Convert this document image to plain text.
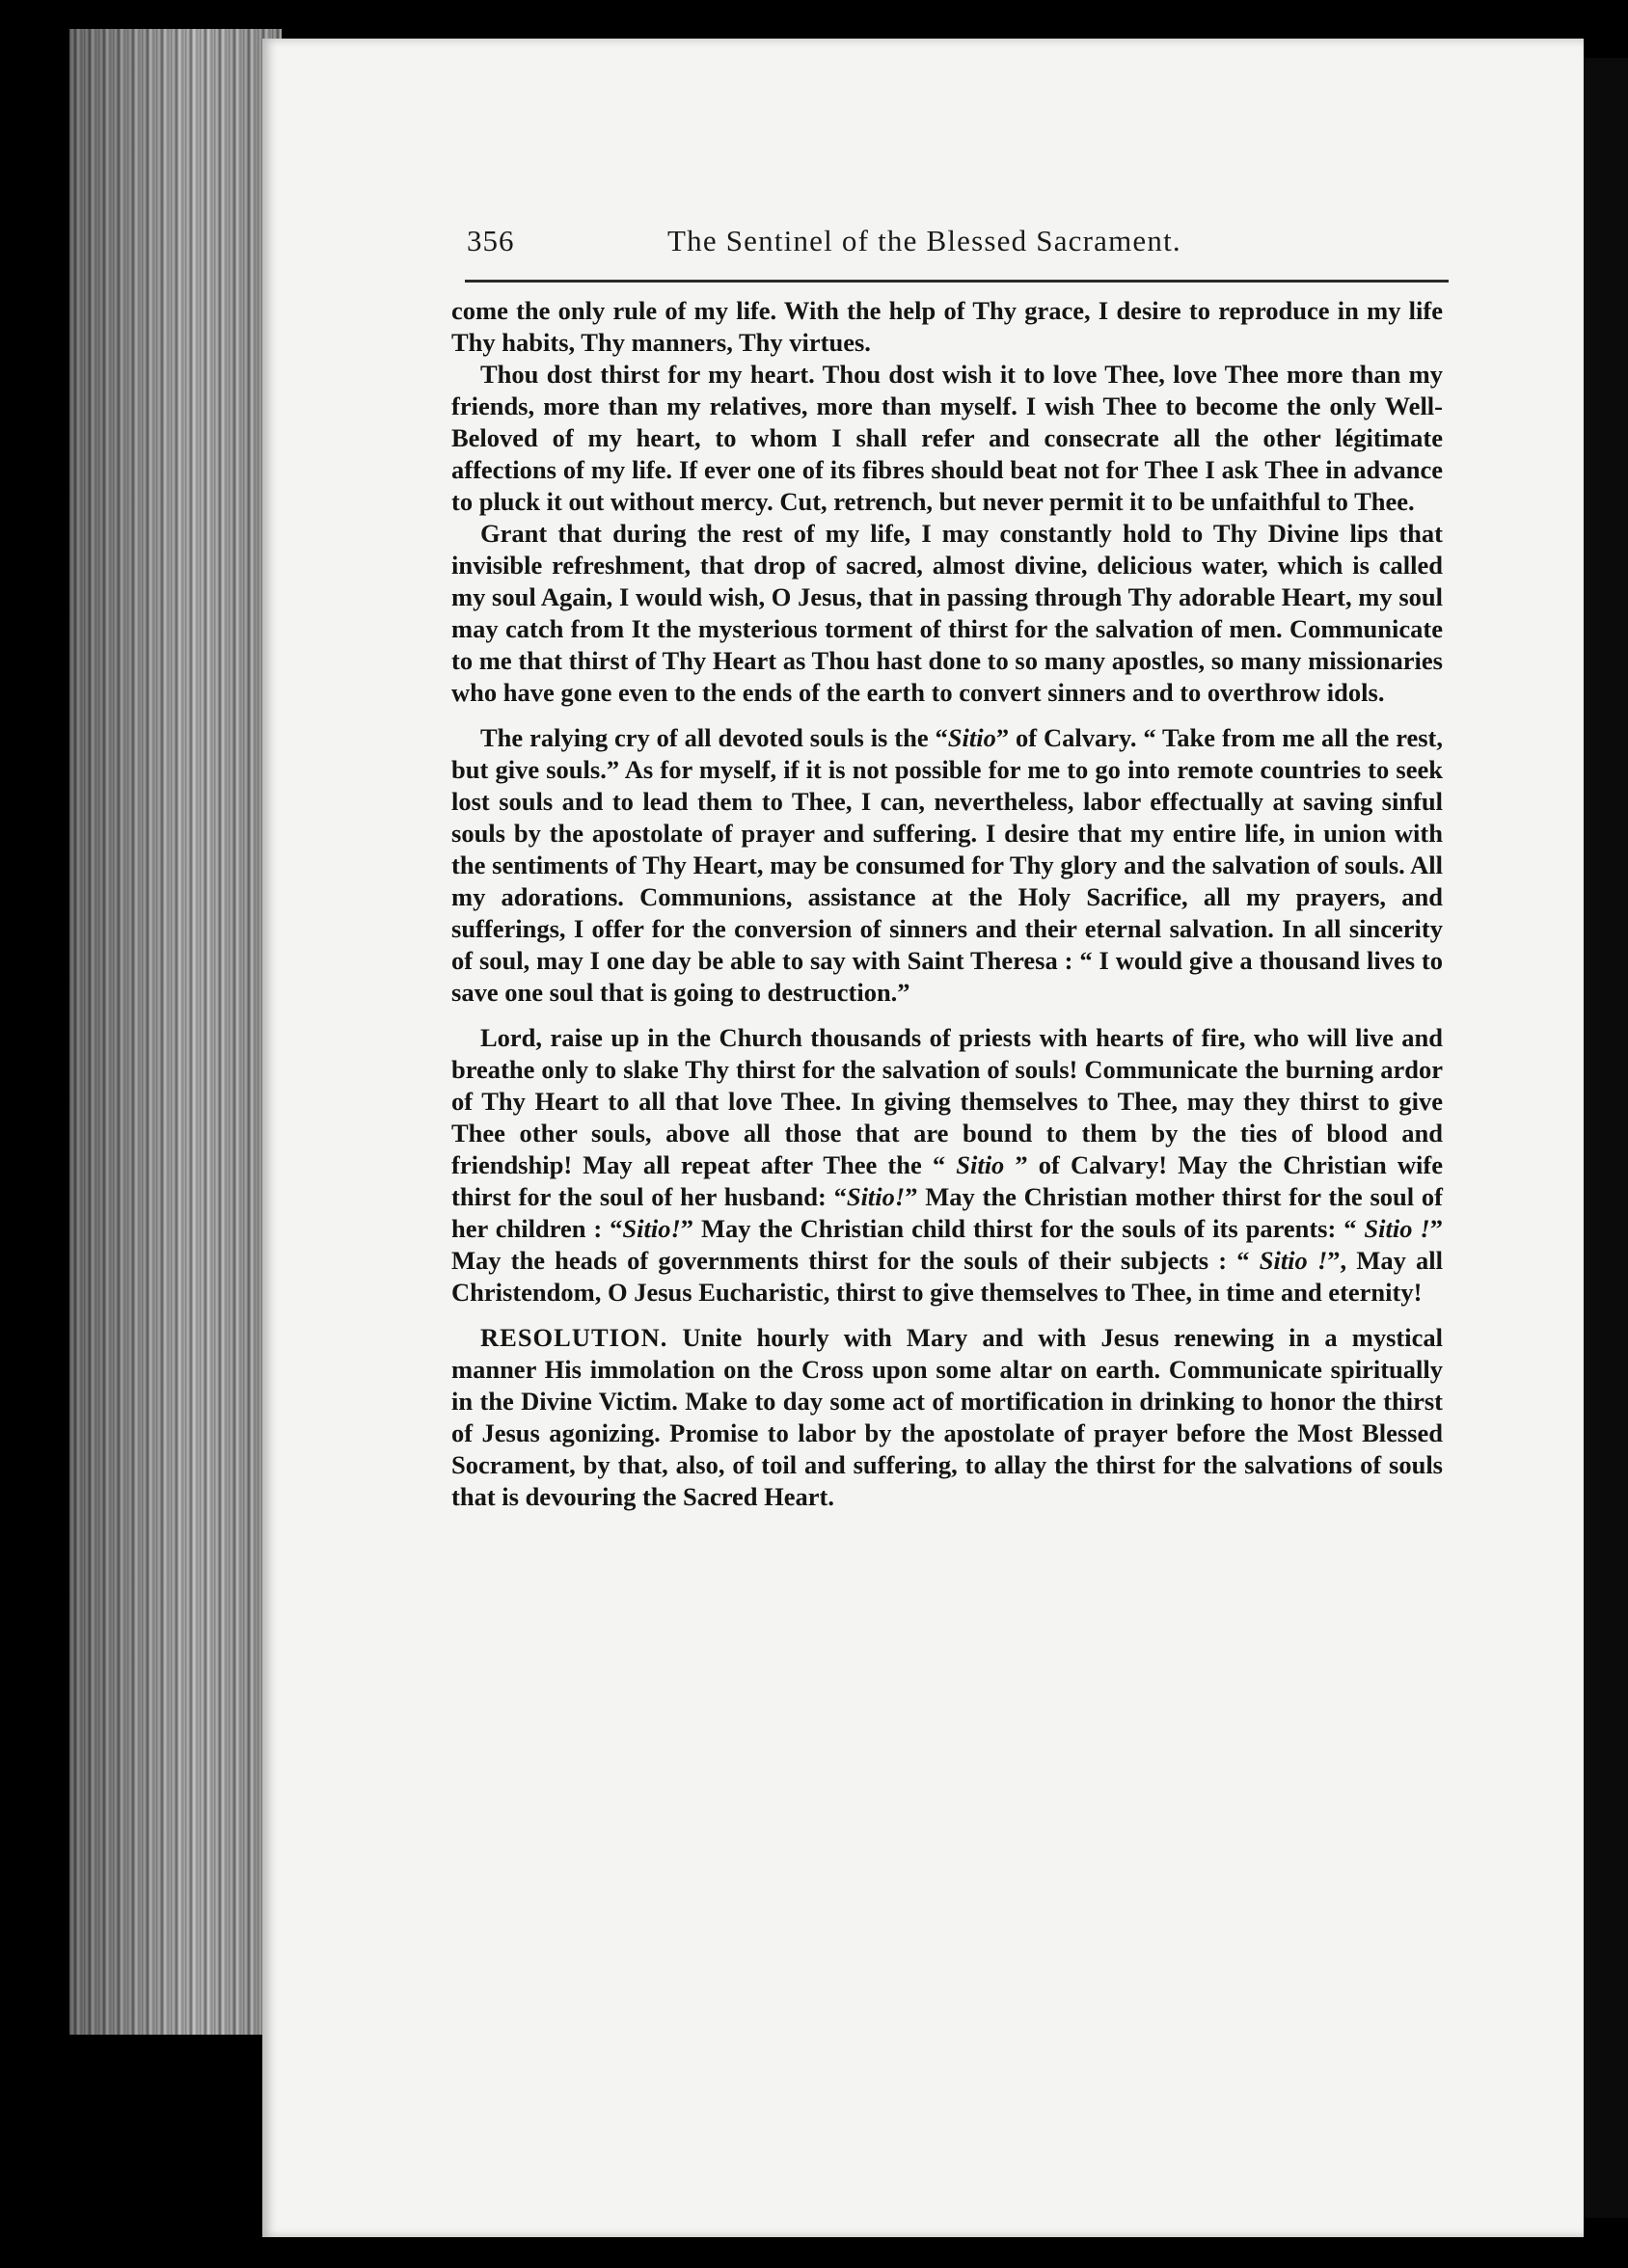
356	The Sentinel of the Blessed Sacrament.

come the only rule of my life. With the help of Thy grace, I desire to reproduce in my life Thy habits, Thy manners, Thy virtues.

Thou dost thirst for my heart. Thou dost wish it to love Thee, love Thee more than my friends, more than my relatives, more than myself. I wish Thee to become the only Well-Beloved of my heart, to whom I shall refer and consecrate all the other légitimate affections of my life. If ever one of its fibres should beat not for Thee I ask Thee in advance to pluck it out without mercy. Cut, retrench, but never permit it to be unfaithful to Thee.

Grant that during the rest of my life, I may constantly hold to Thy Divine lips that invisible refreshment, that drop of sacred, almost divine, delicious water, which is called my soul Again, I would wish, O Jesus, that in passing through Thy adorable Heart, my soul may catch from It the mysterious torment of thirst for the salvation of men. Communicate to me that thirst of Thy Heart as Thou hast done to so many apostles, so many missionaries who have gone even to the ends of the earth to convert sinners and to overthrow idols.

The ralying cry of all devoted souls is the “Sitio” of Calvary. “ Take from me all the rest, but give souls.” As for myself, if it is not possible for me to go into remote countries to seek lost souls and to lead them to Thee, I can, nevertheless, labor effectually at saving sinful souls by the apostolate of prayer and suffering. I desire that my entire life, in union with the sentiments of Thy Heart, may be consumed for Thy glory and the salvation of souls. All my adorations. Communions, assistance at the Holy Sacrifice, all my prayers, and sufferings, I offer for the conversion of sinners and their eternal salvation. In all sincerity of soul, may I one day be able to say with Saint Theresa : “ I would give a thousand lives to save one soul that is going to destruction.”

Lord, raise up in the Church thousands of priests with hearts of fire, who will live and breathe only to slake Thy thirst for the salvation of souls! Communicate the burning ardor of Thy Heart to all that love Thee. In giving themselves to Thee, may they thirst to give Thee other souls, above all those that are bound to them by the ties of blood and friendship! May all repeat after Thee the “ Sitio ” of Calvary! May the Christian wife thirst for the soul of her husband: “Sitio!” May the Christian mother thirst for the soul of her children : “Sitio!” May the Christian child thirst for the souls of its parents: “ Sitio !” May the heads of governments thirst for the souls of their subjects : “ Sitio !”, May all Christendom, O Jesus Eucharistic, thirst to give themselves to Thee, in time and eternity!

RESOLUTION. Unite hourly with Mary and with Jesus renewing in a mystical manner His immolation on the Cross upon some altar on earth. Communicate spiritually in the Divine Victim. Make to day some act of mortification in drinking to honor the thirst of Jesus agonizing. Promise to labor by the apostolate of prayer before the Most Blessed Socrament, by that, also, of toil and suffering, to allay the thirst for the salvations of souls that is devouring the Sacred Heart.
